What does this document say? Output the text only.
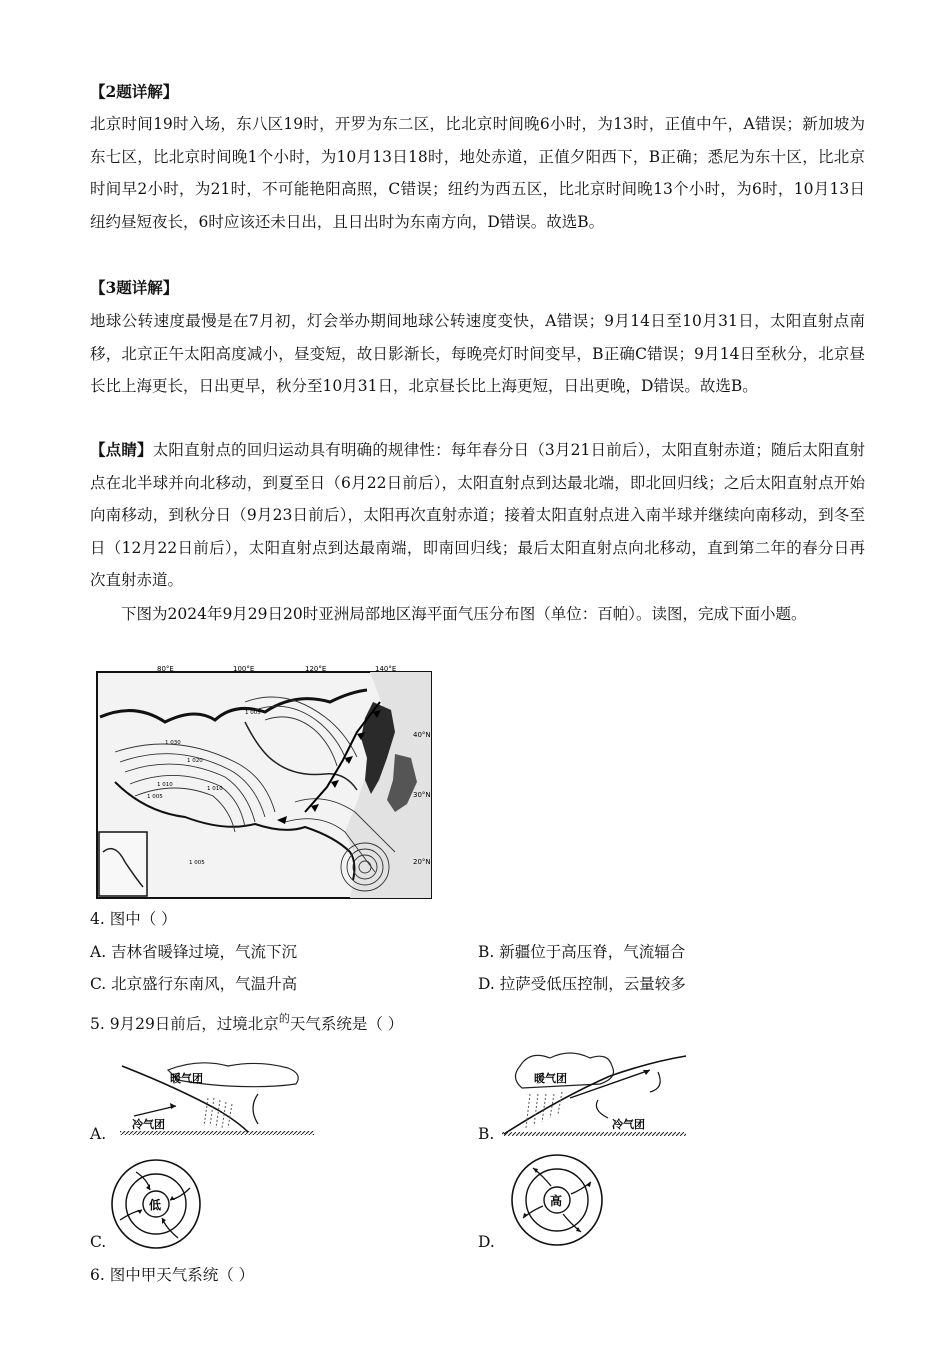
【2题详解】

北京时间19时入场，东八区19时，开罗为东二区，比北京时间晚6小时，为13时，正值中午，A错误；新加坡为东七区，比北京时间晚1个小时，为10月13日18时，地处赤道，正值夕阳西下，B正确；悉尼为东十区，比北京时间早2小时，为21时，不可能艳阳高照，C错误；纽约为西五区，比北京时间晚13个小时，为6时，10月13日纽约昼短夜长，6时应该还未日出，且日出时为东南方向，D错误。故选B。

【3题详解】

地球公转速度最慢是在7月初，灯会举办期间地球公转速度变快，A错误；9月14日至10月31日，太阳直射点南移，北京正午太阳高度减小，昼变短，故日影渐长，每晚亮灯时间变早，B正确C错误；9月14日至秋分，北京昼长比上海更长，日出更早，秋分至10月31日，北京昼长比上海更短，日出更晚，D错误。故选B。

【点睛】太阳直射点的回归运动具有明确的规律性：每年春分日（3月21日前后），太阳直射赤道；随后太阳直射点在北半球并向北移动，到夏至日（6月22日前后），太阳直射点到达最北端，即北回归线；之后太阳直射点开始向南移动，到秋分日（9月23日前后），太阳再次直射赤道；接着太阳直射点进入南半球并继续向南移动，到冬至日（12月22日前后），太阳直射点到达最南端，即南回归线；最后太阳直射点向北移动，直到第二年的春分日再次直射赤道。

下图为2024年9月29日20时亚洲局部地区海平面气压分布图（单位：百帕）。读图，完成下面小题。

80°E	100°E	120°E	140°E
40°N
30°N
20°N
1 030
1 020
1 010
1 005
1 005
1 010
1 005
4. 图中（ ）
A. 吉林省暖锋过境，气流下沉	B. 新疆位于高压脊，气流辐合
C. 北京盛行东南风，气温升高	D. 拉萨受低压控制，云量较多
5. 9月29日前后，过境北京$^的$天气系统是（ ）
A.
暖气团
冷气团
B.
暖气团
冷气团
C.
低
D.
高
6. 图中甲天气系统（ ）
